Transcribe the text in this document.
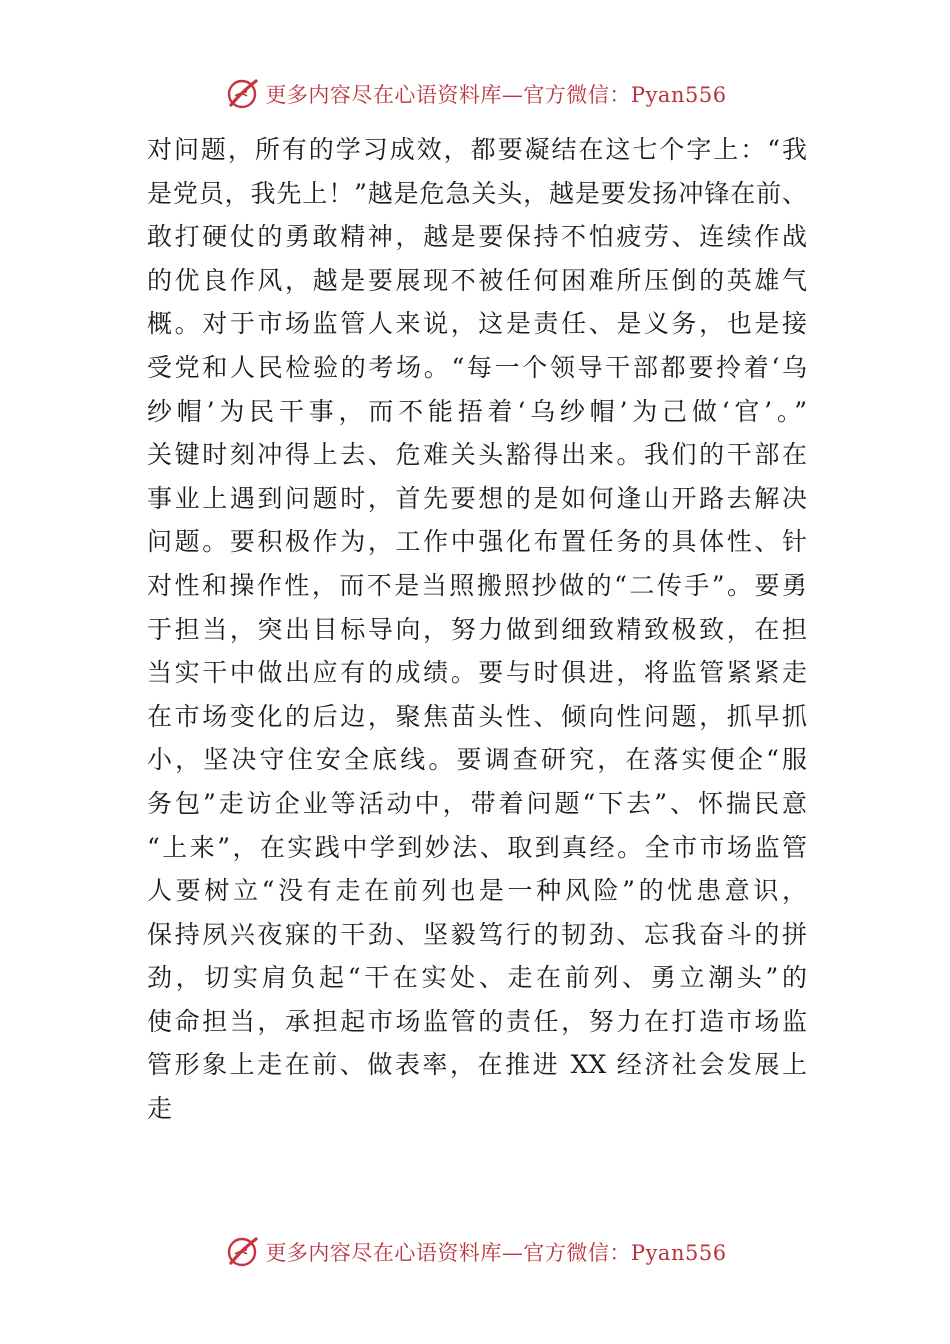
更多内容尽在心语资料库—官方微信：Pyan556
对问题，所有的学习成效，都要凝结在这七个字上：“我
是党员，我先上！”越是危急关头，越是要发扬冲锋在前、
敢打硬仗的勇敢精神，越是要保持不怕疲劳、连续作战
的优良作风，越是要展现不被任何困难所压倒的英雄气
概。对于市场监管人来说，这是责任、是义务，也是接
受党和人民检验的考场。“每一个领导干部都要拎着‘乌
纱帽’为民干事，而不能捂着‘乌纱帽’为己做‘官’。”
关键时刻冲得上去、危难关头豁得出来。我们的干部在
事业上遇到问题时，首先要想的是如何逢山开路去解决
问题。要积极作为，工作中强化布置任务的具体性、针
对性和操作性，而不是当照搬照抄做的“二传手”。要勇
于担当，突出目标导向，努力做到细致精致极致，在担
当实干中做出应有的成绩。要与时俱进，将监管紧紧走
在市场变化的后边，聚焦苗头性、倾向性问题，抓早抓
小，坚决守住安全底线。要调查研究，在落实便企“服
务包”走访企业等活动中，带着问题“下去”、怀揣民意
“上来”，在实践中学到妙法、取到真经。全市市场监管
人要树立“没有走在前列也是一种风险”的忧患意识，
保持夙兴夜寐的干劲、坚毅笃行的韧劲、忘我奋斗的拼
劲，切实肩负起“干在实处、走在前列、勇立潮头”的
使命担当，承担起市场监管的责任，努力在打造市场监
管形象上走在前、做表率，在推进 XX 经济社会发展上
走
更多内容尽在心语资料库—官方微信：Pyan556
